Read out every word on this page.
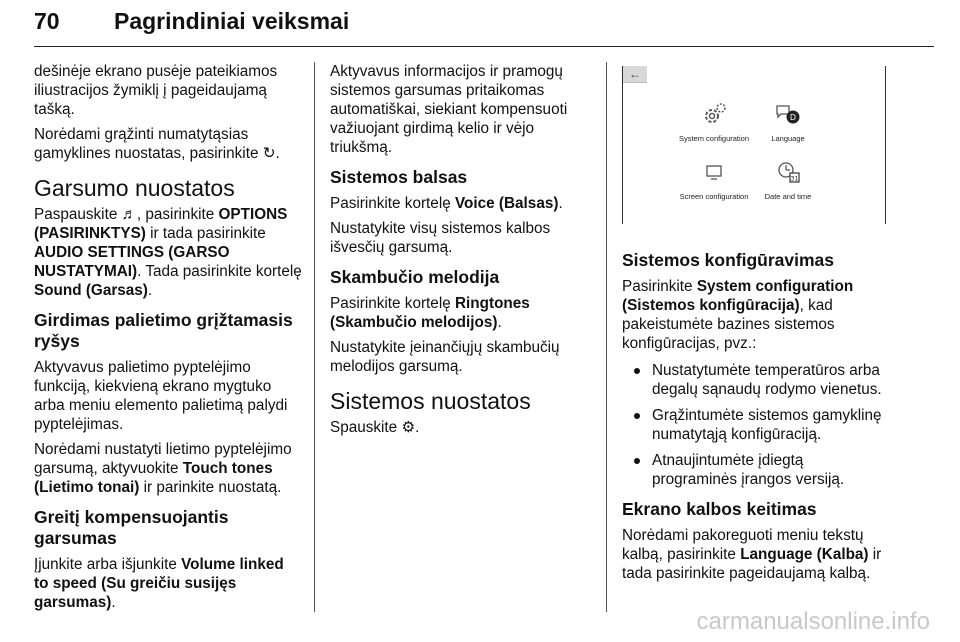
70 Pagrindiniai veiksmai

dešinėje ekrano pusėje pateikiamos iliustracijos žymiklį į pageidaujamą tašką.

Norėdami grąžinti numatytąsias gamyklines nuostatas, pasirinkite ↻.

Garsumo nuostatos

Paspauskite ♬, pasirinkite OPTIONS (PASIRINKTYS) ir tada pasirinkite AUDIO SETTINGS (GARSO NUSTATYMAI). Tada pasirinkite kortelę Sound (Garsas).

Girdimas palietimo grįžtamasis ryšys

Aktyvavus palietimo pyptelėjimo funkciją, kiekvieną ekrano mygtuko arba meniu elemento palietimą palydi pyptelėjimas.

Norėdami nustatyti lietimo pyptelėjimo garsumą, aktyvuokite Touch tones (Lietimo tonai) ir parinkite nuostatą.

Greitį kompensuojantis garsumas

Įjunkite arba išjunkite Volume linked to speed (Su greičiu susijęs garsumas).

Aktyvavus informacijos ir pramogų sistemos garsumas pritaikomas automatiškai, siekiant kompensuoti važiuojant girdimą kelio ir vėjo triukšmą.

Sistemos balsas

Pasirinkite kortelę Voice (Balsas).

Nustatykite visų sistemos kalbos išvesčių garsumą.

Skambučio melodija

Pasirinkite kortelę Ringtones (Skambučio melodijos).

Nustatykite įeinančiųjų skambučių melodijos garsumą.

Sistemos nuostatos

Spauskite ⚙.

←
System configuration
D
Language
Screen configuration
31
Date and time
Sistemos konfigūravimas

Pasirinkite System configuration (Sistemos konfigūracija), kad pakeistumėte bazines sistemos konfigūracijas, pvz.:

Nustatytumėte temperatūros arba degalų sąnaudų rodymo vienetus.
Grąžintumėte sistemos gamyklinę numatytąją konfigūraciją.
Atnaujintumėte įdiegtą programinės įrangos versiją.
Ekrano kalbos keitimas

Norėdami pakoreguoti meniu tekstų kalbą, pasirinkite Language (Kalba) ir tada pasirinkite pageidaujamą kalbą.

carmanualsonline.info
